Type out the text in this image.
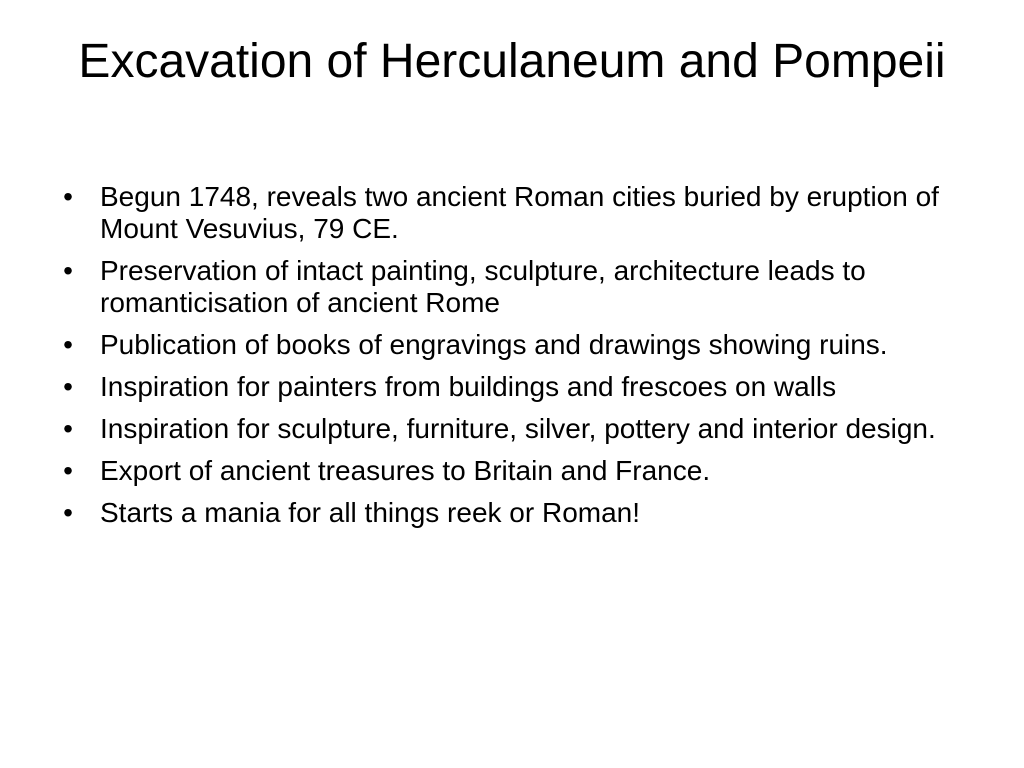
Excavation of Herculaneum and Pompeii
• Begun 1748, reveals two ancient Roman cities buried by eruption of Mount Vesuvius, 79 CE.
• Preservation of intact painting, sculpture, architecture leads to romanticisation of ancient Rome
• Publication of books of engravings and drawings showing ruins.
• Inspiration for painters from buildings and frescoes on walls
• Inspiration for sculpture, furniture, silver, pottery and interior design.
• Export of ancient treasures to Britain and France.
• Starts a mania for all things reek or Roman!
